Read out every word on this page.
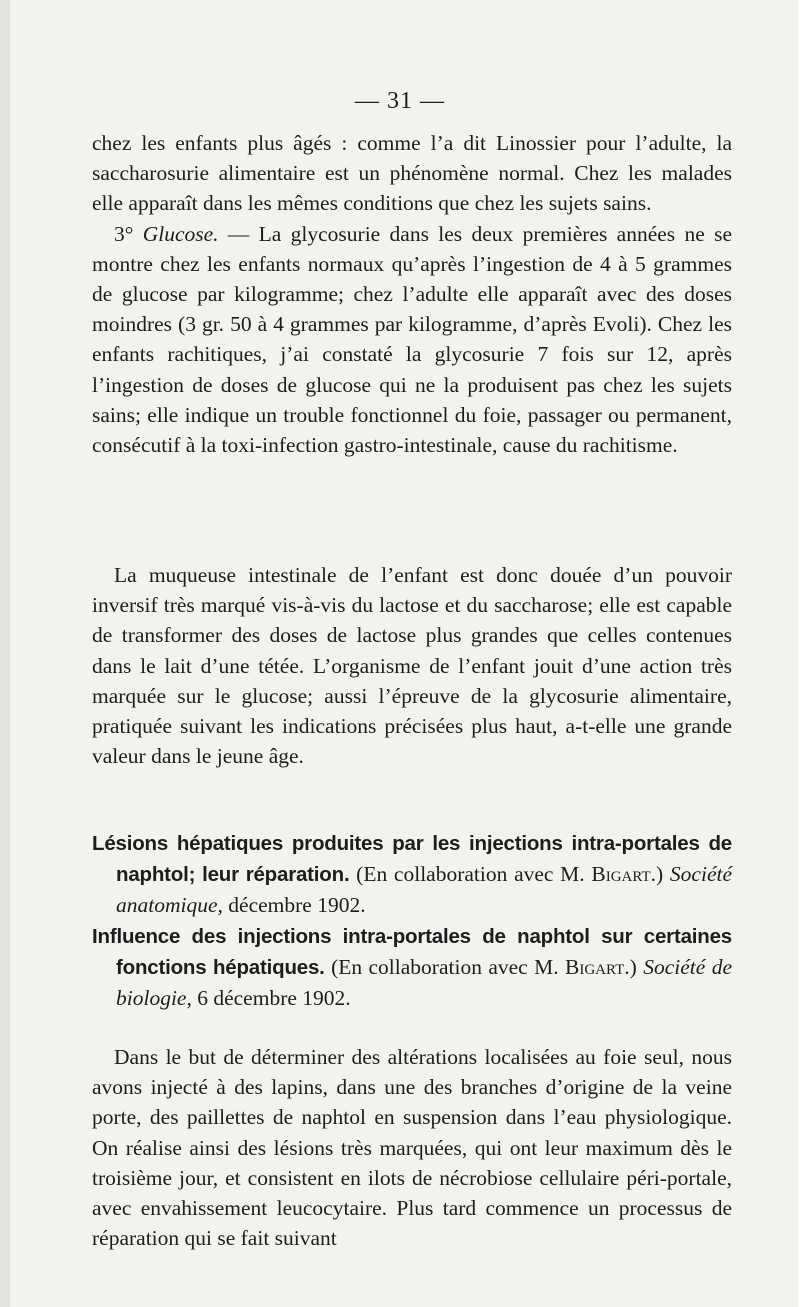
— 31 —

chez les enfants plus âgés : comme l’a dit Linossier pour l’adulte, la saccharosurie alimentaire est un phénomène normal. Chez les malades elle apparaît dans les mêmes conditions que chez les sujets sains.

3° Glucose. — La glycosurie dans les deux premières années ne se montre chez les enfants normaux qu’après l’ingestion de 4 à 5 grammes de glucose par kilogramme; chez l’adulte elle apparaît avec des doses moindres (3 gr. 50 à 4 grammes par kilogramme, d’après Evoli). Chez les enfants rachitiques, j’ai constaté la glycosurie 7 fois sur 12, après l’ingestion de doses de glucose qui ne la produisent pas chez les sujets sains; elle indique un trouble fonctionnel du foie, passager ou permanent, consécutif à la toxi-infection gastro-intestinale, cause du rachitisme.

La muqueuse intestinale de l’enfant est donc douée d’un pouvoir inversif très marqué vis-à-vis du lactose et du saccharose; elle est capable de transformer des doses de lactose plus grandes que celles contenues dans le lait d’une tétée. L’organisme de l’enfant jouit d’une action très marquée sur le glucose; aussi l’épreuve de la glycosurie alimentaire, pratiquée suivant les indications précisées plus haut, a-t-elle une grande valeur dans le jeune âge.

Lésions hépatiques produites par les injections intra-portales de naphtol; leur réparation. (En collaboration avec M. Bigart.) Société anatomique, décembre 1902.

Influence des injections intra-portales de naphtol sur certaines fonctions hépatiques. (En collaboration avec M. Bigart.) Société de biologie, 6 décembre 1902.

Dans le but de déterminer des altérations localisées au foie seul, nous avons injecté à des lapins, dans une des branches d’origine de la veine porte, des paillettes de naphtol en suspension dans l’eau physiologique. On réalise ainsi des lésions très marquées, qui ont leur maximum dès le troisième jour, et consistent en ilots de nécrobiose cellulaire péri-portale, avec envahissement leucocytaire. Plus tard commence un processus de réparation qui se fait suivant
